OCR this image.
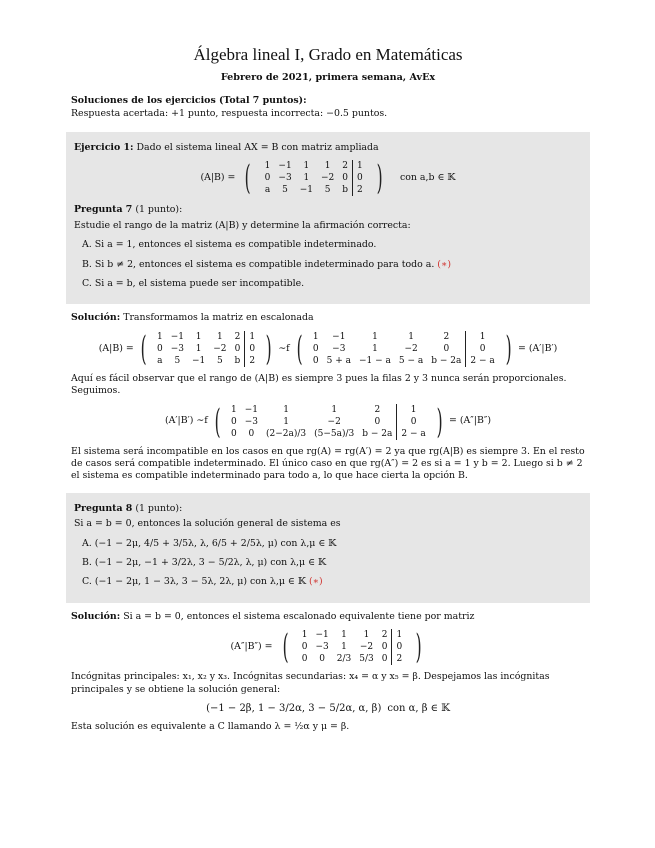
Álgebra lineal I, Grado en Matemáticas
Febrero de 2021, primera semana, AvEx
Soluciones de los ejercicios (Total 7 puntos):
Respuesta acertada: +1 punto, respuesta incorrecta: −0.5 puntos.

Ejercicio 1: Dado el sistema lineal AX = B con matriz ampliada

(A|B) = ( 1	−1	1	1	2	1
0	−3	1	−2	0	0
a	5	−1	5	b	2 ) con a,b ∈ 𝕂

Pregunta 7 (1 punto):

Estudie el rango de la matriz (A|B) y determine la afirmación correcta:

A. Si a = 1, entonces el sistema es compatible indeterminado.
B. Si b ≠ 2, entonces el sistema es compatible indeterminado para todo a. (∗)
C. Si a = b, el sistema puede ser incompatible.

Solución: Transformamos la matriz en escalonada

(A|B) = ( 1	−1	1	1	2	1
0	−3	1	−2	0	0
a	5	−1	5	b	2 ) ∼f ( 1	−1	1	1	2	1
0	−3	1	−2	0	0
0	5 + a	−1 − a	5 − a	b − 2a	2 − a ) = (A′|B′)

Aquí es fácil observar que el rango de (A|B) es siempre 3 pues la filas 2 y 3 nunca serán proporcionales. Seguimos.

(A′|B′) ∼f ( 1	−1	1	1	2	1
0	−3	1	−2	0	0
0	0	(2−2a)/3	(5−5a)/3	b − 2a	2 − a ) = (A″|B″)

El sistema será incompatible en los casos en que rg(A) = rg(A′) = 2 ya que rg(A|B) es siempre 3. En el resto de casos será compatible indeterminado. El único caso en que rg(A″) = 2 es si a = 1 y b = 2. Luego si b ≠ 2 el sistema es compatible indeterminado para todo a, lo que hace cierta la opción B.

Pregunta 8 (1 punto):

Si a = b = 0, entonces la solución general de sistema es

A. (−1 − 2μ, 4/5 + 3/5λ, λ, 6/5 + 2/5λ, μ) con λ,μ ∈ 𝕂
B. (−1 − 2μ, −1 + 3/2λ, 3 − 5/2λ, λ, μ) con λ,μ ∈ 𝕂
C. (−1 − 2μ, 1 − 3λ, 3 − 5λ, 2λ, μ) con λ,μ ∈ 𝕂 (∗)

Solución: Si a = b = 0, entonces el sistema escalonado equivalente tiene por matriz

(A″|B″) = ( 1	−1	1	1	2	1
0	−3	1	−2	0	0
0	0	2/3	5/3	0	2 )

Incógnitas principales: x₁, x₂ y x₃. Incógnitas secundarias: x₄ = α y x₅ = β. Despejamos las incógnitas principales y se obtiene la solución general:

(−1 − 2β, 1 − 3/2α, 3 − 5/2α, α, β) con α, β ∈ 𝕂

Esta solución es equivalente a C llamando λ = ½α y μ = β.
